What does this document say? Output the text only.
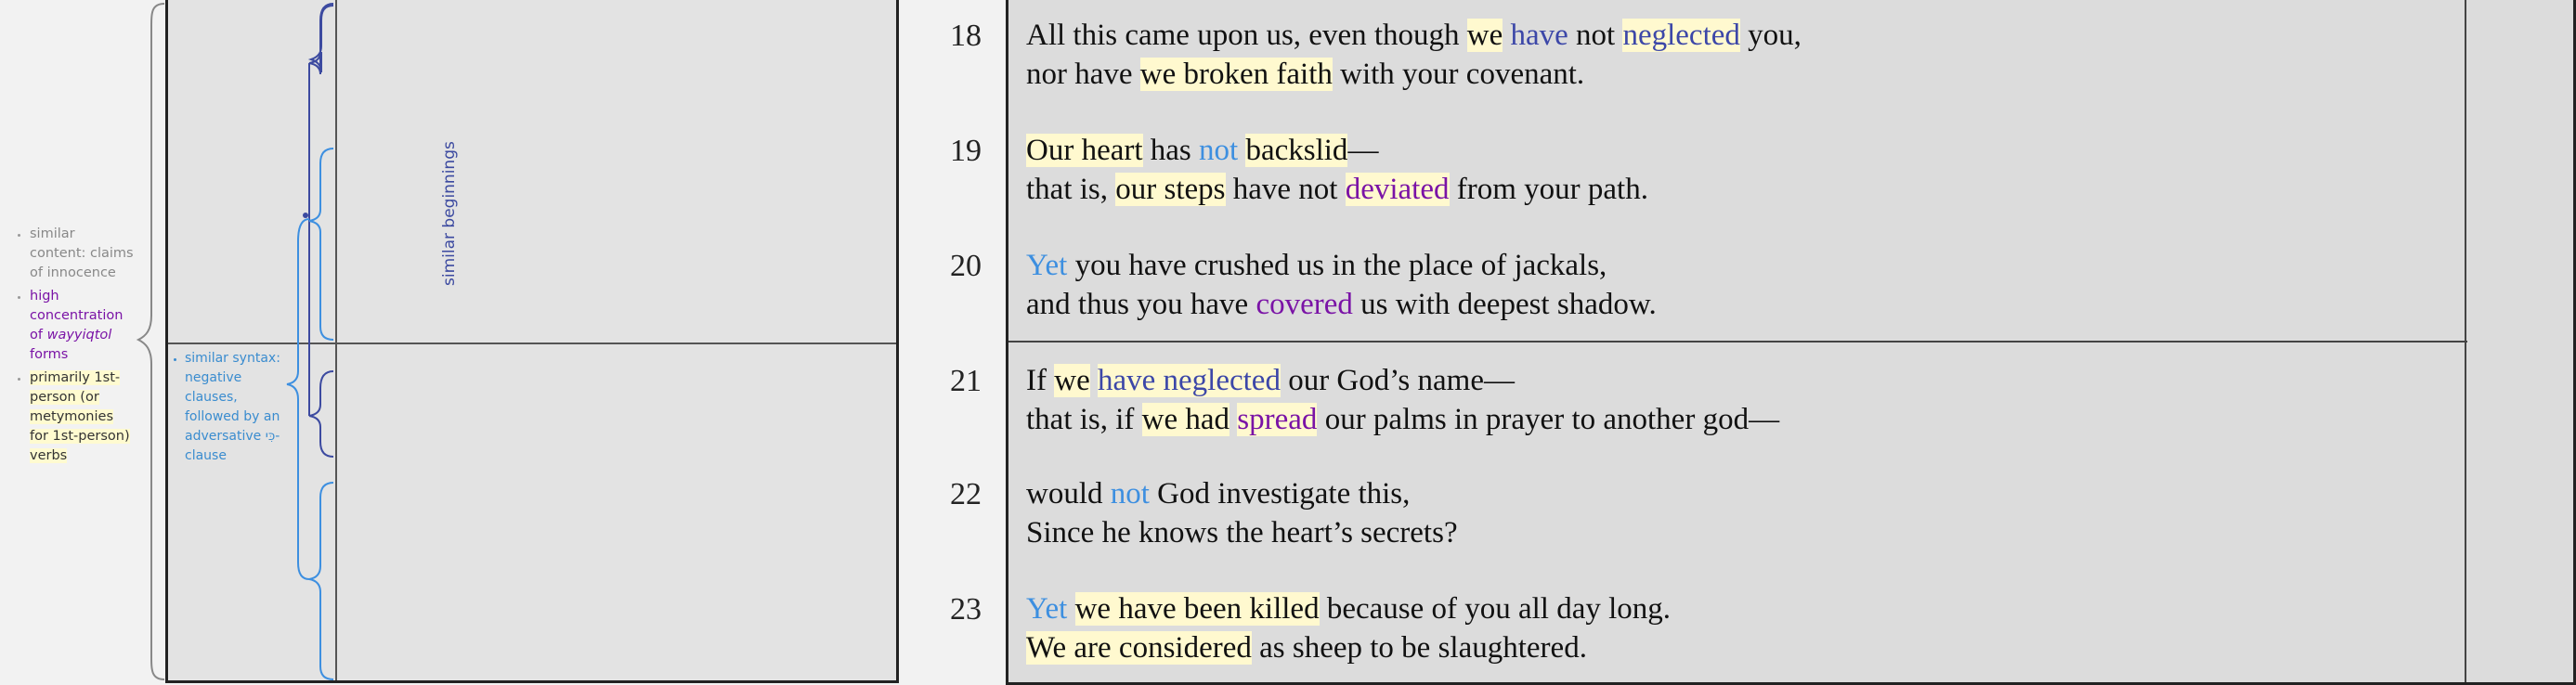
• similar content: claims of innocence
• high concentration of wayyiqtol forms
• primarily 1st-person (or metymonies for 1st-person) verbs
• similar syntax: negative clauses, followed by an adversative כִּי- clause
similar beginnings
18
19
20
21
22
23
All this came upon us, even though we have not neglected you,
nor have we broken faith with your covenant.
Our heart has not backslid—
that is, our steps have not deviated from your path.
Yet you have crushed us in the place of jackals,
and thus you have covered us with deepest shadow.
If we have neglected our God’s name—
that is, if we had spread our palms in prayer to another god—
would not God investigate this,
Since he knows the heart’s secrets?
Yet we have been killed because of you all day long.
We are considered as sheep to be slaughtered.
